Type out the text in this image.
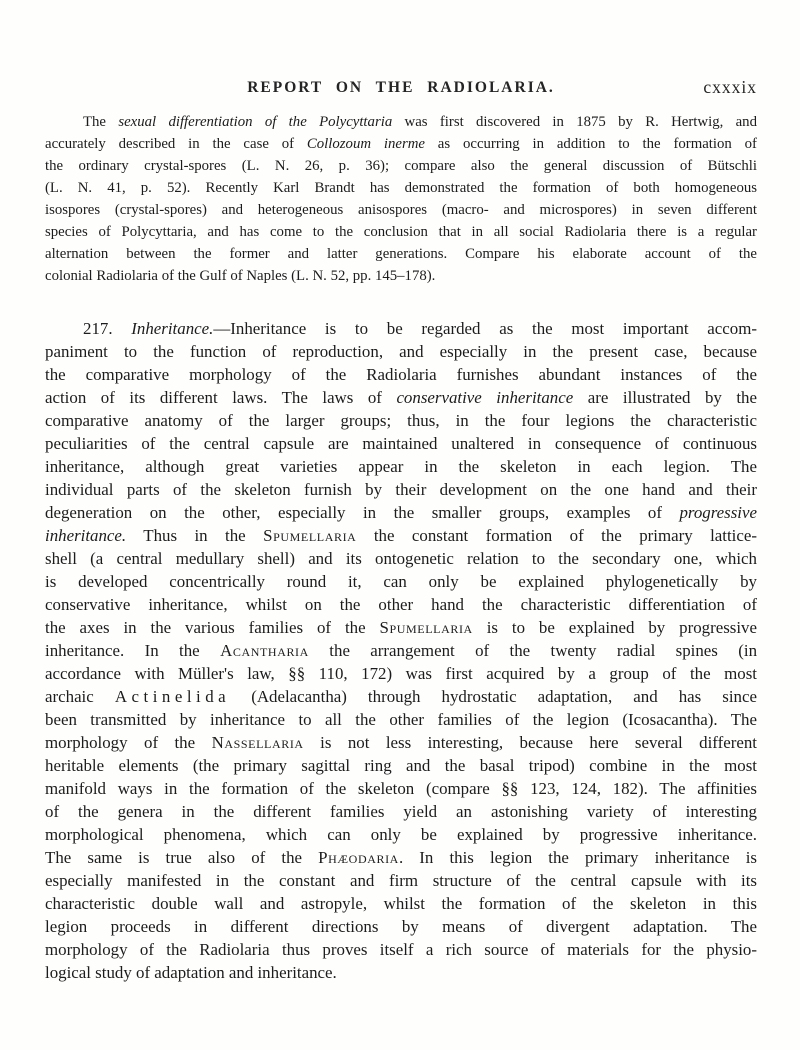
REPORT ON THE RADIOLARIA.	cxxxix
The sexual differentiation of the Polycyttaria was first discovered in 1875 by R. Hertwig, and
accurately described in the case of Collozoum inerme as occurring in addition to the formation of
the ordinary crystal-spores (L. N. 26, p. 36); compare also the general discussion of Bütschli
(L. N. 41, p. 52). Recently Karl Brandt has demonstrated the formation of both homogeneous
isospores (crystal-spores) and heterogeneous anisospores (macro- and microspores) in seven different
species of Polycyttaria, and has come to the conclusion that in all social Radiolaria there is a regular
alternation between the former and latter generations. Compare his elaborate account of the
colonial Radiolaria of the Gulf of Naples (L. N. 52, pp. 145–178).
217. Inheritance.—Inheritance is to be regarded as the most important accom-
paniment to the function of reproduction, and especially in the present case, because
the comparative morphology of the Radiolaria furnishes abundant instances of the
action of its different laws. The laws of conservative inheritance are illustrated by the
comparative anatomy of the larger groups; thus, in the four legions the characteristic
peculiarities of the central capsule are maintained unaltered in consequence of continuous
inheritance, although great varieties appear in the skeleton in each legion. The
individual parts of the skeleton furnish by their development on the one hand and their
degeneration on the other, especially in the smaller groups, examples of progressive
inheritance. Thus in the Spumellaria the constant formation of the primary lattice-
shell (a central medullary shell) and its ontogenetic relation to the secondary one, which
is developed concentrically round it, can only be explained phylogenetically by
conservative inheritance, whilst on the other hand the characteristic differentiation of
the axes in the various families of the Spumellaria is to be explained by progressive
inheritance. In the Acantharia the arrangement of the twenty radial spines (in
accordance with Müller's law, §§ 110, 172) was first acquired by a group of the most
archaic Actinelida (Adelacantha) through hydrostatic adaptation, and has since
been transmitted by inheritance to all the other families of the legion (Icosacantha). The
morphology of the Nassellaria is not less interesting, because here several different
heritable elements (the primary sagittal ring and the basal tripod) combine in the most
manifold ways in the formation of the skeleton (compare §§ 123, 124, 182). The affinities
of the genera in the different families yield an astonishing variety of interesting
morphological phenomena, which can only be explained by progressive inheritance.
The same is true also of the Phæodaria. In this legion the primary inheritance is
especially manifested in the constant and firm structure of the central capsule with its
characteristic double wall and astropyle, whilst the formation of the skeleton in this
legion proceeds in different directions by means of divergent adaptation. The
morphology of the Radiolaria thus proves itself a rich source of materials for the physio-
logical study of adaptation and inheritance.
